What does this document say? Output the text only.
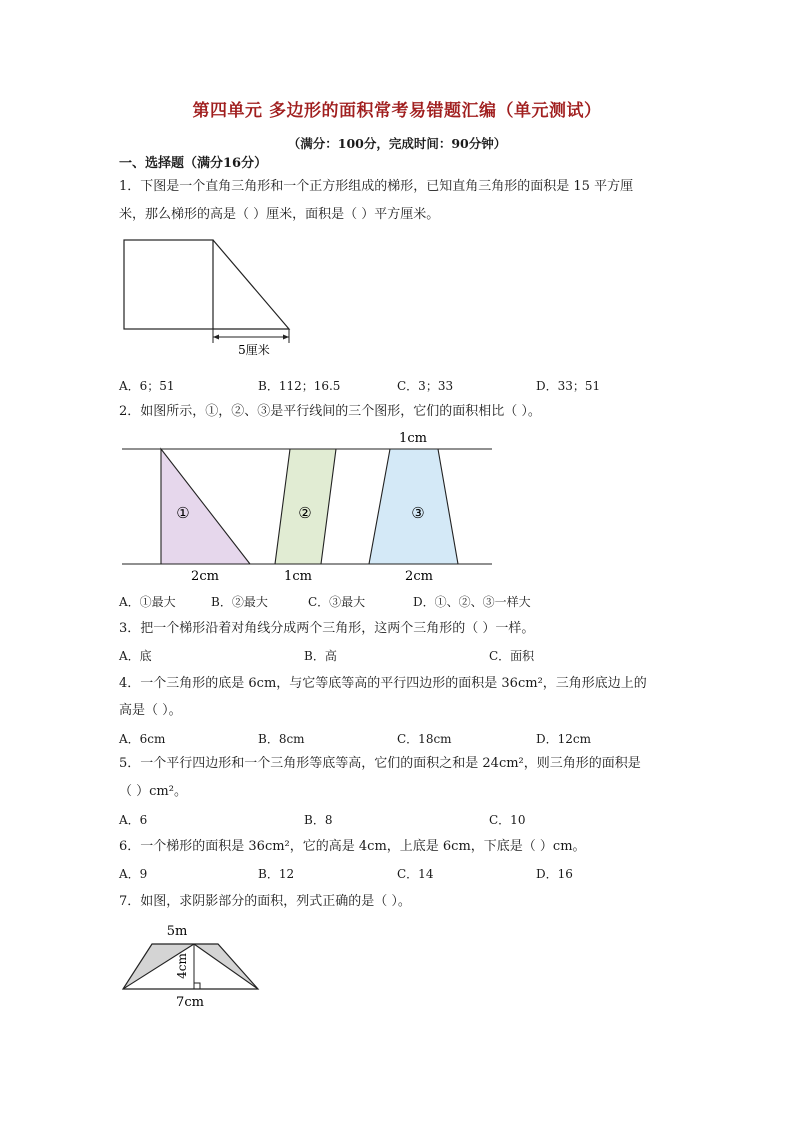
第四单元 多边形的面积常考易错题汇编（单元测试）
（满分：100分，完成时间：90分钟）
一、选择题（满分16分）
1．下图是一个直角三角形和一个正方形组成的梯形，已知直角三角形的面积是 15 平方厘
米，那么梯形的高是（ ）厘米，面积是（ ）平方厘米。
5厘米
A．6；51	B．112；16.5	C．3；33	D．33；51
2．如图所示，①，②、③是平行线间的三个图形，它们的面积相比（ ）。
1cm
①	②	③
2cm	1cm	2cm
A．①最大	B．②最大	C．③最大	D．①、②、③一样大
3．把一个梯形沿着对角线分成两个三角形，这两个三角形的（ ）一样。
A．底	B．高	C．面积
4．一个三角形的底是 6cm，与它等底等高的平行四边形的面积是 36cm²，三角形底边上的
高是（ ）。
A．6cm	B．8cm	C．18cm	D．12cm
5．一个平行四边形和一个三角形等底等高，它们的面积之和是 24cm²，则三角形的面积是
（ ）cm²。
A．6	B．8	C．10
6．一个梯形的面积是 36cm²，它的高是 4cm，上底是 6cm，下底是（ ）cm。
A．9	B．12	C．14	D．16
7．如图，求阴影部分的面积，列式正确的是（ ）。
5m
4cm
7cm
